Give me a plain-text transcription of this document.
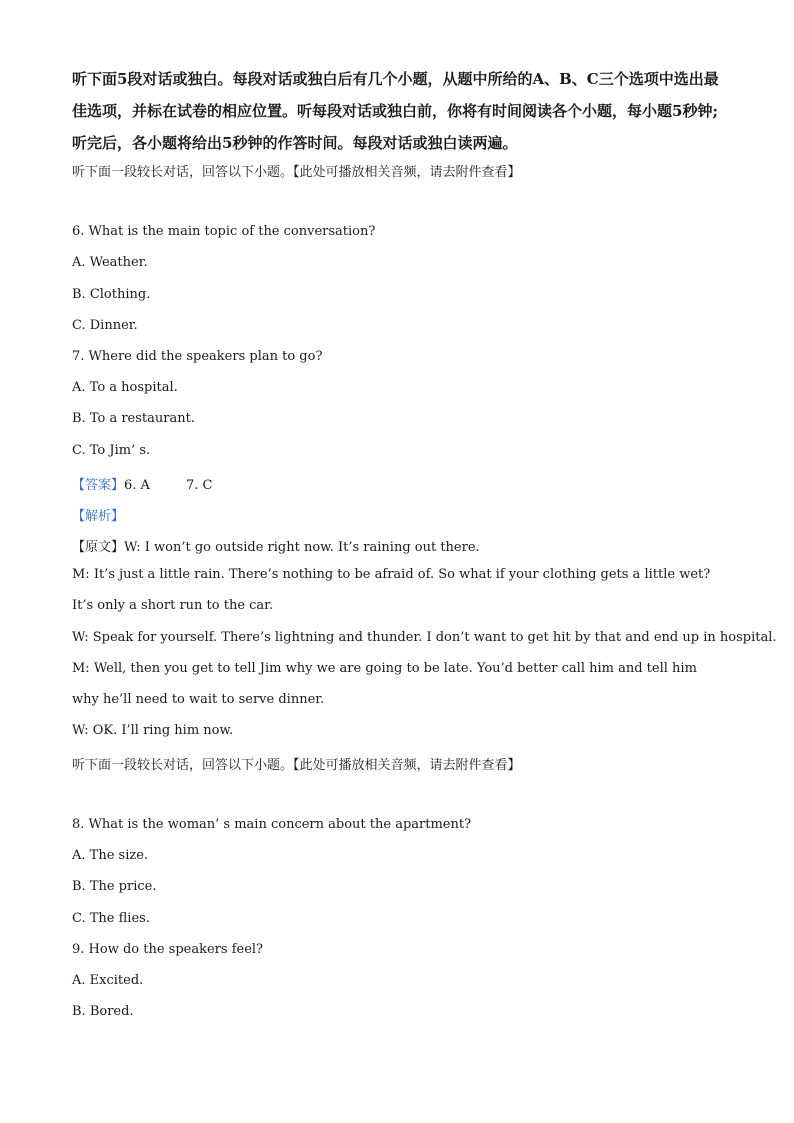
听下面5段对话或独白。每段对话或独白后有几个小题，从题中所给的A、B、C三个选项中选出最佳选项，并标在试卷的相应位置。听每段对话或独白前，你将有时间阅读各个小题，每小题5秒钟;听完后，各小题将给出5秒钟的作答时间。每段对话或独白读两遍。
听下面一段较长对话，回答以下小题。【此处可播放相关音频，请去附件查看】
6. What is the main topic of the conversation?
A. Weather.
B. Clothing.
C. Dinner.
7. Where did the speakers plan to go?
A. To a hospital.
B. To a restaurant.
C. To Jim’ s.
【答案】6. A	7. C
【解析】
【原文】W: I won’t go outside right now. It’s raining out there.
M: It’s just a little rain. There’s nothing to be afraid of. So what if your clothing gets a little wet? It’s only a short run to the car.
W: Speak for yourself. There’s lightning and thunder. I don’t want to get hit by that and end up in hospital.
M: Well, then you get to tell Jim why we are going to be late. You’d better call him and tell him why he’ll need to wait to serve dinner.
W: OK. I’ll ring him now.
听下面一段较长对话，回答以下小题。【此处可播放相关音频，请去附件查看】
8. What is the woman’ s main concern about the apartment?
A. The size.
B. The price.
C. The flies.
9. How do the speakers feel?
A. Excited.
B. Bored.
